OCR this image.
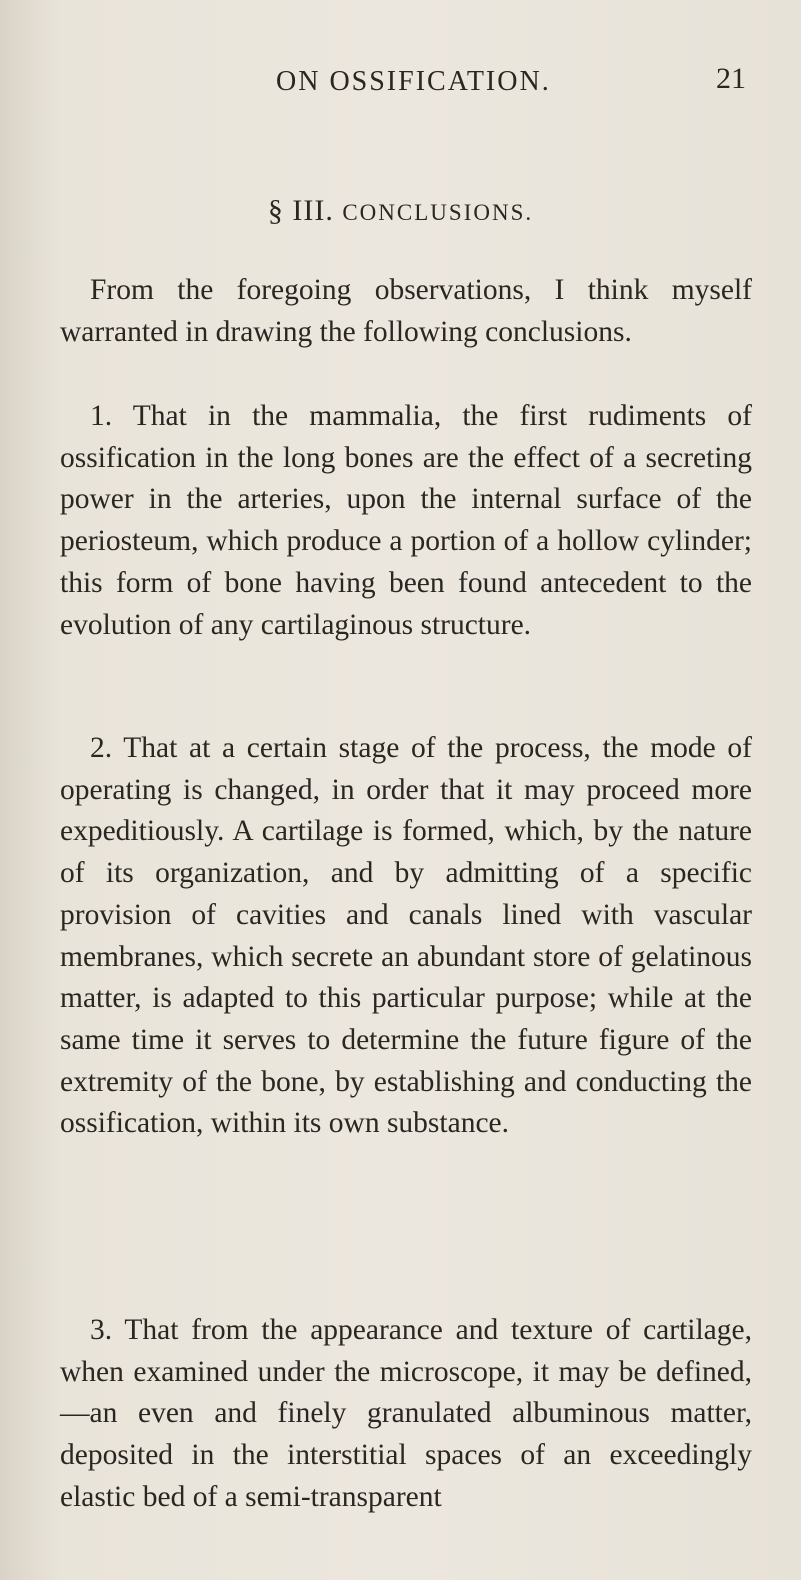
ON OSSIFICATION.	21
§ III. CONCLUSIONS.

From the foregoing observations, I think myself warranted in drawing the following conclusions.

1. That in the mammalia, the first rudiments of ossification in the long bones are the effect of a secreting power in the arteries, upon the internal surface of the periosteum, which produce a portion of a hollow cylinder; this form of bone having been found antecedent to the evolution of any cartilaginous structure.

2. That at a certain stage of the process, the mode of operating is changed, in order that it may proceed more expeditiously. A cartilage is formed, which, by the nature of its organization, and by admitting of a specific provision of cavities and canals lined with vascular membranes, which secrete an abundant store of gelatinous matter, is adapted to this particular purpose; while at the same time it serves to determine the future figure of the extremity of the bone, by establishing and conducting the ossification, within its own substance.

3. That from the appearance and texture of cartilage, when examined under the microscope, it may be defined,—an even and finely granulated albuminous matter, deposited in the interstitial spaces of an exceedingly elastic bed of a semi-transparent
